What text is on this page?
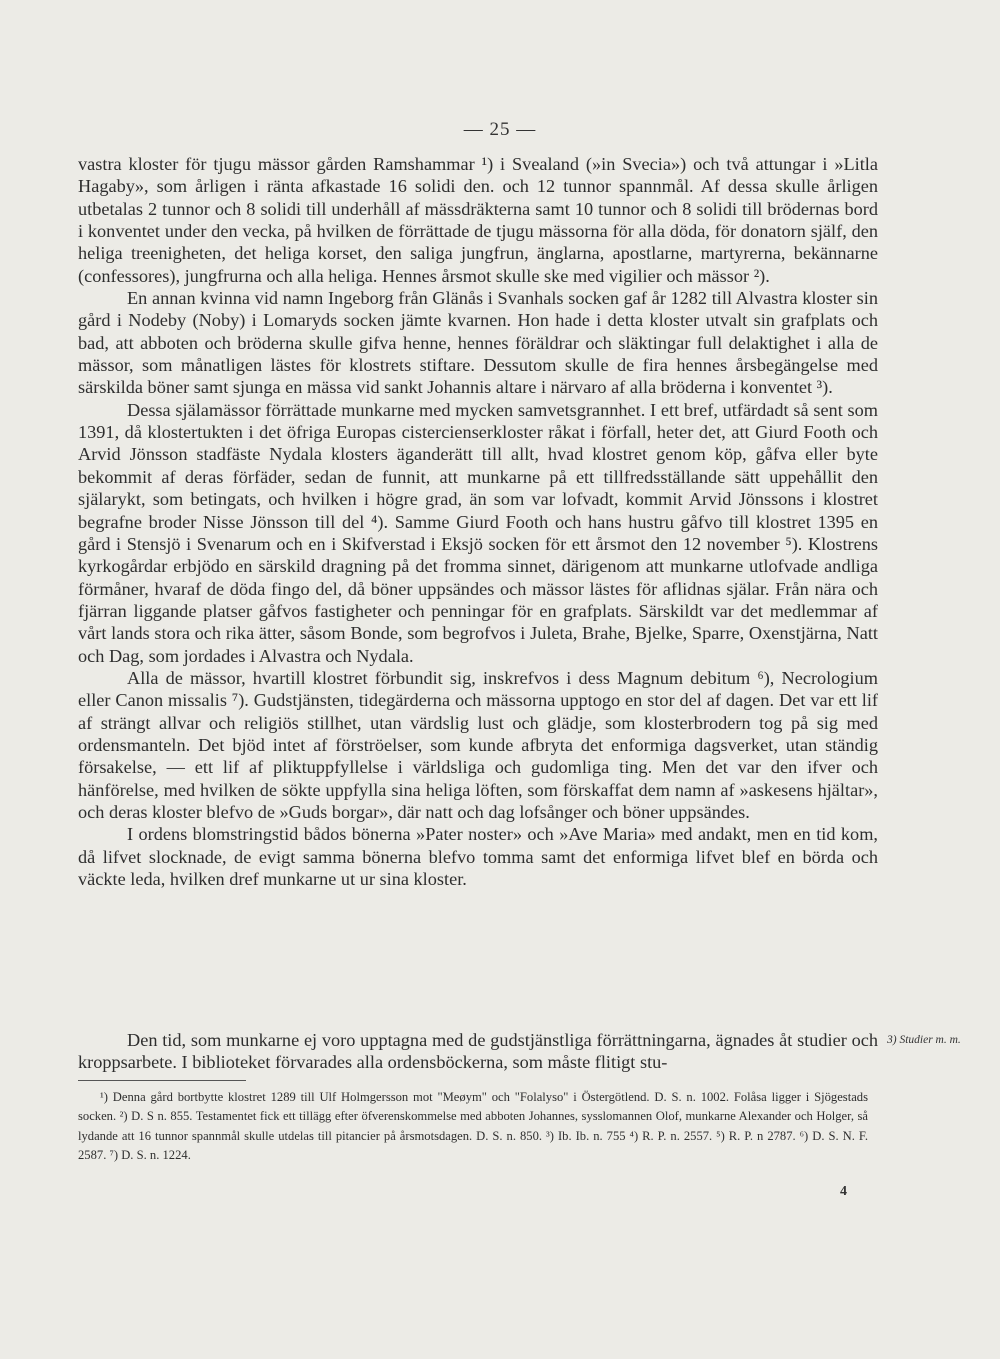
— 25 —

vastra kloster för tjugu mässor gården Ramshammar ¹) i Svealand (»in Svecia») och två attungar i »Litla Hagaby», som årligen i ränta afkastade 16 solidi den. och 12 tunnor spannmål. Af dessa skulle årligen utbetalas 2 tunnor och 8 solidi till underhåll af mässdräkterna samt 10 tunnor och 8 solidi till brödernas bord i konventet under den vecka, på hvilken de förrättade de tjugu mässorna för alla döda, för donatorn själf, den heliga treenigheten, det heliga korset, den saliga jungfrun, änglarna, apostlarne, martyrerna, bekännarne (confessores), jungfrurna och alla heliga. Hennes årsmot skulle ske med vigilier och mässor ²).

En annan kvinna vid namn Ingeborg från Glänås i Svanhals socken gaf år 1282 till Alvastra kloster sin gård i Nodeby (Noby) i Lomaryds socken jämte kvarnen. Hon hade i detta kloster utvalt sin grafplats och bad, att abboten och bröderna skulle gifva henne, hennes föräldrar och släktingar full delaktighet i alla de mässor, som månatligen lästes för klostrets stiftare. Dessutom skulle de fira hennes årsbegängelse med särskilda böner samt sjunga en mässa vid sankt Johannis altare i närvaro af alla bröderna i konventet ³).

Dessa själamässor förrättade munkarne med mycken samvetsgrannhet. I ett bref, utfärdadt så sent som 1391, då klostertukten i det öfriga Europas cistercienserkloster råkat i förfall, heter det, att Giurd Footh och Arvid Jönsson stadfäste Nydala klosters äganderätt till allt, hvad klostret genom köp, gåfva eller byte bekommit af deras förfäder, sedan de funnit, att munkarne på ett tillfredsställande sätt uppehållit den själarykt, som betingats, och hvilken i högre grad, än som var lofvadt, kommit Arvid Jönssons i klostret begrafne broder Nisse Jönsson till del ⁴). Samme Giurd Footh och hans hustru gåfvo till klostret 1395 en gård i Stensjö i Svenarum och en i Skifverstad i Eksjö socken för ett årsmot den 12 november ⁵). Klostrens kyrkogårdar erbjödo en särskild dragning på det fromma sinnet, därigenom att munkarne utlofvade andliga förmåner, hvaraf de döda fingo del, då böner uppsändes och mässor lästes för aflidnas själar. Från nära och fjärran liggande platser gåfvos fastigheter och penningar för en grafplats. Särskildt var det medlemmar af vårt lands stora och rika ätter, såsom Bonde, som begrofvos i Juleta, Brahe, Bjelke, Sparre, Oxenstjärna, Natt och Dag, som jordades i Alvastra och Nydala.

Alla de mässor, hvartill klostret förbundit sig, inskrefvos i dess Magnum debitum ⁶), Necrologium eller Canon missalis ⁷). Gudstjänsten, tidegärderna och mässorna upptogo en stor del af dagen. Det var ett lif af strängt allvar och religiös stillhet, utan värdslig lust och glädje, som klosterbrodern tog på sig med ordensmanteln. Det bjöd intet af förströelser, som kunde afbryta det enformiga dagsverket, utan ständig försakelse, — ett lif af pliktuppfyllelse i världsliga och gudomliga ting. Men det var den ifver och hänförelse, med hvilken de sökte uppfylla sina heliga löften, som förskaffat dem namn af »askesens hjältar», och deras kloster blefvo de »Guds borgar», där natt och dag lofsånger och böner uppsändes.

I ordens blomstringstid bådos bönerna »Pater noster» och »Ave Maria» med andakt, men en tid kom, då lifvet slocknade, de evigt samma bönerna blefvo tomma samt det enformiga lifvet blef en börda och väckte leda, hvilken dref munkarne ut ur sina kloster.

Den tid, som munkarne ej voro upptagna med de gudstjänstliga förrättningarna, ägnades åt studier och kroppsarbete. I biblioteket förvarades alla ordensböckerna, som måste flitigt stu-

3) Studier m. m.

¹) Denna gård bortbytte klostret 1289 till Ulf Holmgersson mot "Meøym" och "Folalyso" i Östergötlend. D. S. n. 1002. Folåsa ligger i Sjögestads socken. ²) D. S n. 855. Testamentet fick ett tillägg efter öfverenskommelse med abboten Johannes, sysslomannen Olof, munkarne Alexander och Holger, så lydande att 16 tunnor spannmål skulle utdelas till pitancier på årsmotsdagen. D. S. n. 850. ³) Ib. Ib. n. 755 ⁴) R. P. n. 2557. ⁵) R. P. n 2787. ⁶) D. S. N. F. 2587. ⁷) D. S. n. 1224.

4
